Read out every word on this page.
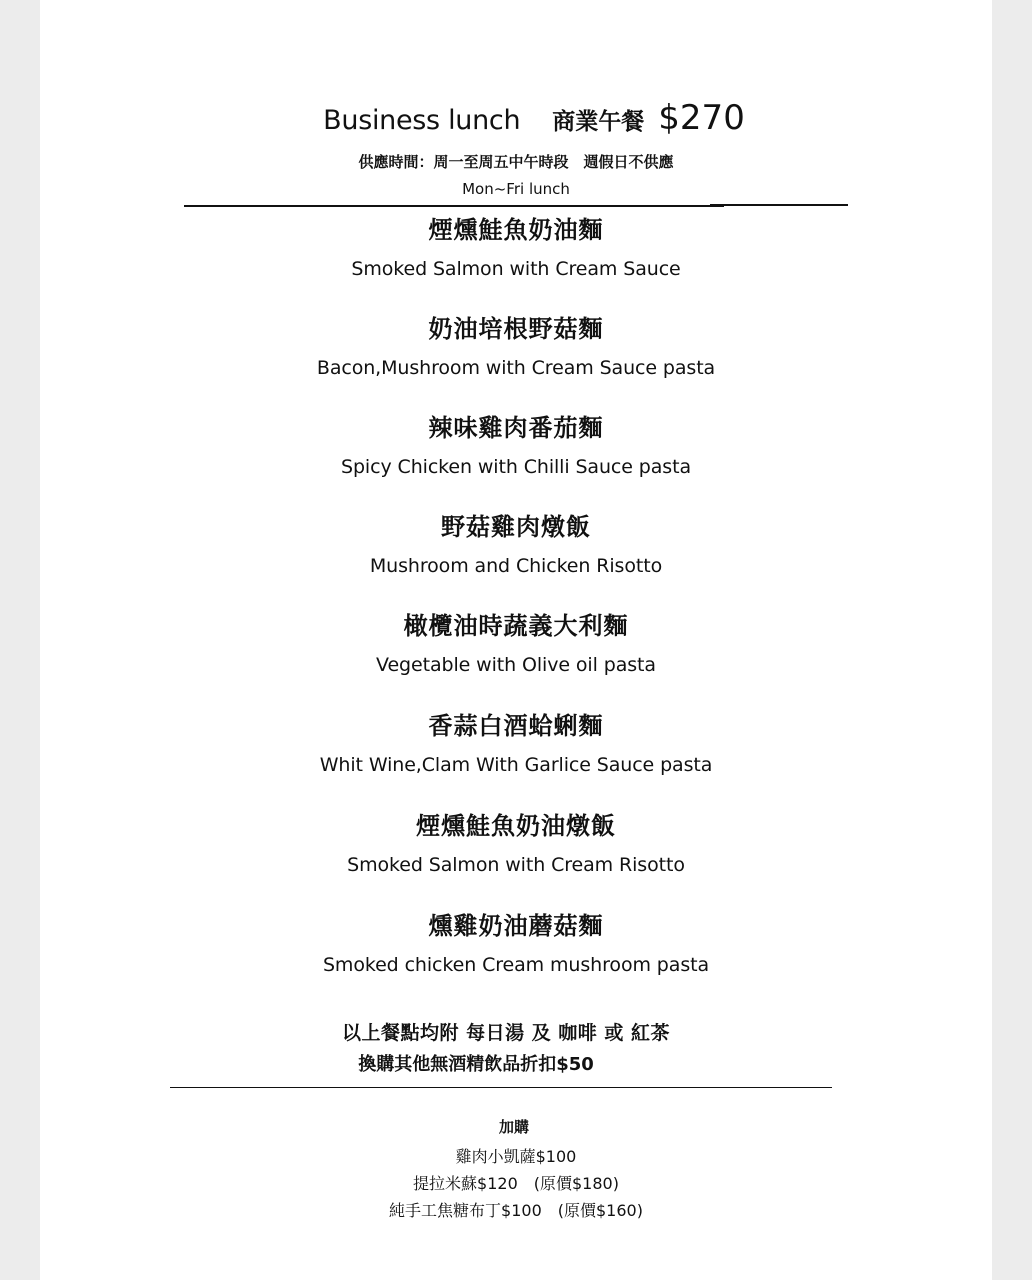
Business lunch 商業午餐 $270
供應時間：周一至周五中午時段　週假日不供應
Mon~Fri lunch
煙燻鮭魚奶油麵
Smoked Salmon with Cream Sauce
奶油培根野菇麵
Bacon,Mushroom with Cream Sauce pasta
辣味雞肉番茄麵
Spicy Chicken with Chilli Sauce pasta
野菇雞肉燉飯
Mushroom and Chicken Risotto
橄欖油時蔬義大利麵
Vegetable with Olive oil pasta
香蒜白酒蛤蜊麵
Whit Wine,Clam With Garlice Sauce pasta
煙燻鮭魚奶油燉飯
Smoked Salmon with Cream Risotto
燻雞奶油蘑菇麵
Smoked chicken Cream mushroom pasta
以上餐點均附 每日湯 及 咖啡 或 紅茶
換購其他無酒精飲品折扣$50
加購
雞肉小凱薩$100
提拉米蘇$120　(原價$180)
純手工焦糖布丁$100　(原價$160)
